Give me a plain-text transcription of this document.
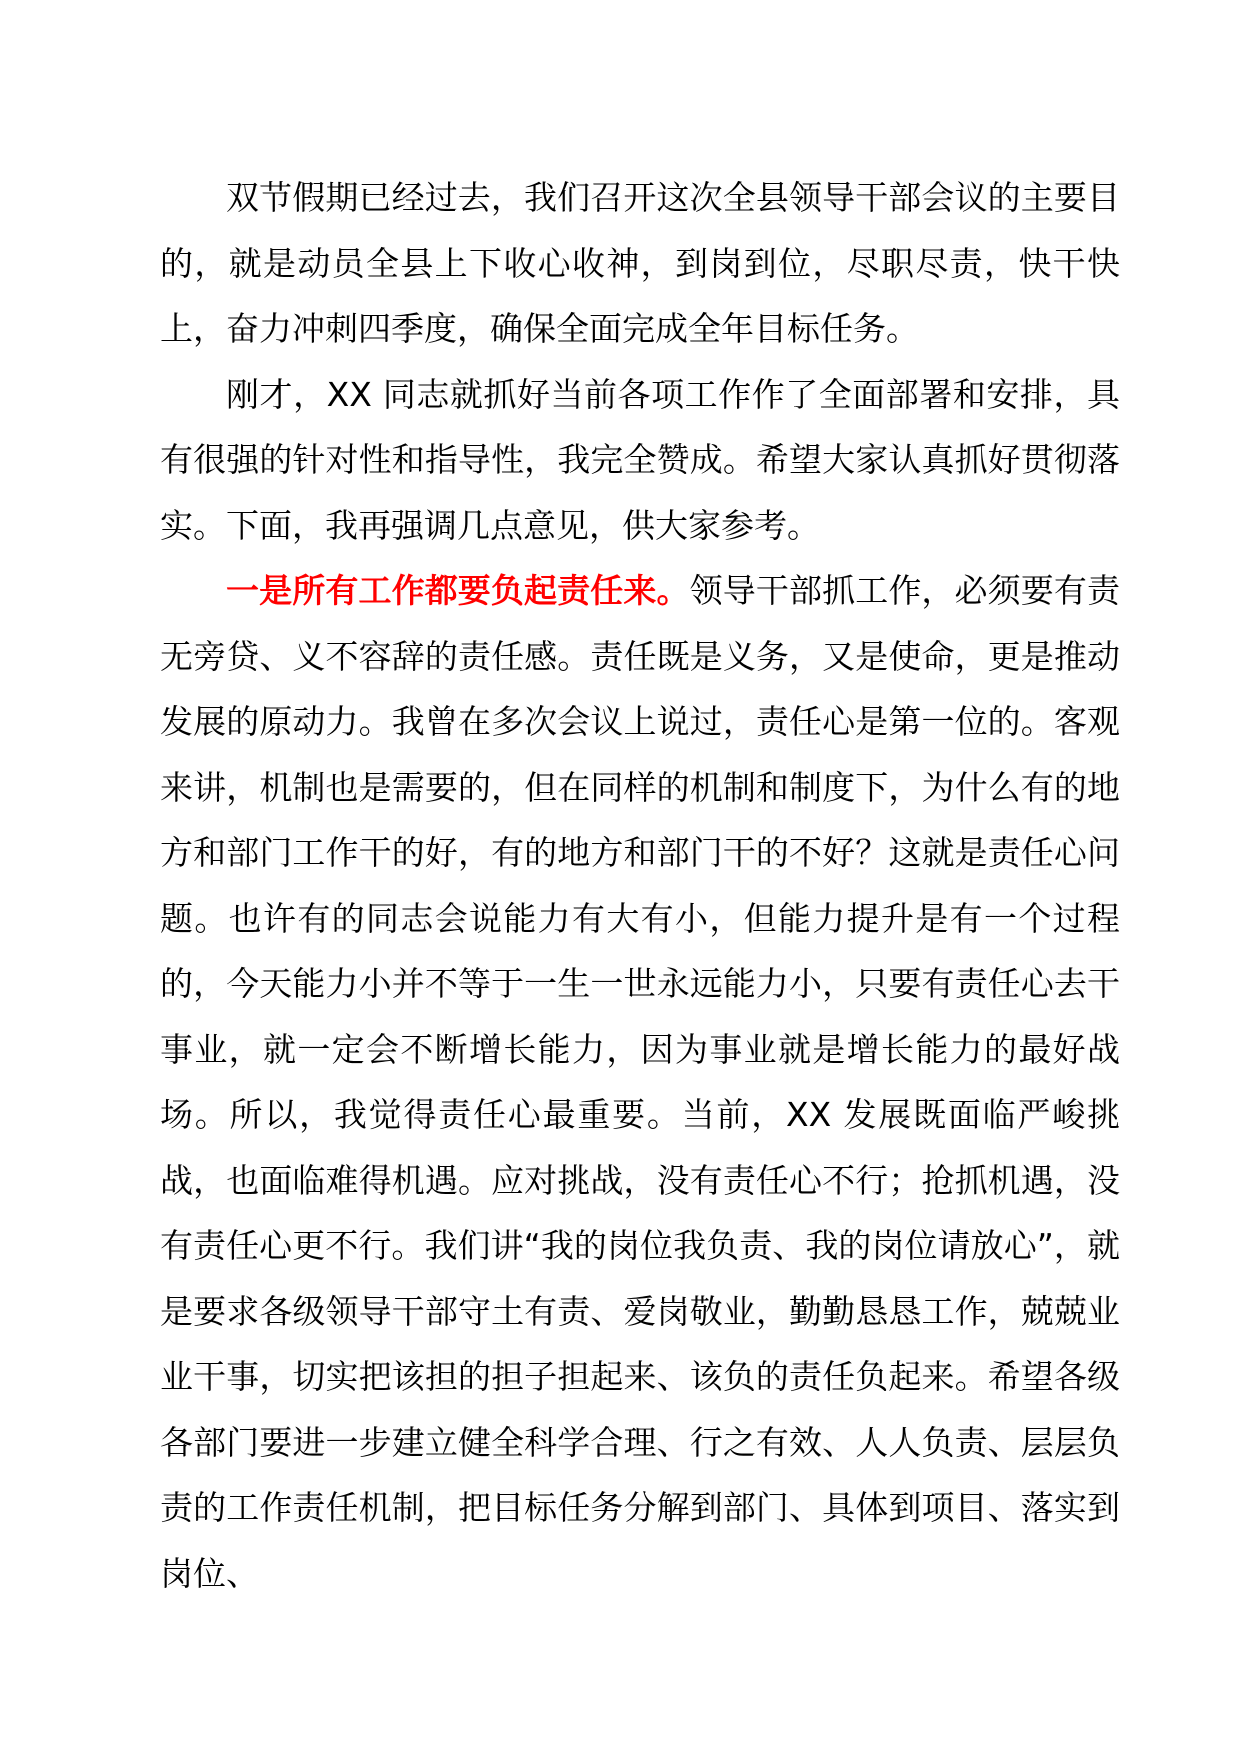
双节假期已经过去，我们召开这次全县领导干部会议的主要目的，就是动员全县上下收心收神，到岗到位，尽职尽责，快干快上，奋力冲刺四季度，确保全面完成全年目标任务。

刚才，XX 同志就抓好当前各项工作作了全面部署和安排，具有很强的针对性和指导性，我完全赞成。希望大家认真抓好贯彻落实。下面，我再强调几点意见，供大家参考。

一是所有工作都要负起责任来。领导干部抓工作，必须要有责无旁贷、义不容辞的责任感。责任既是义务，又是使命，更是推动发展的原动力。我曾在多次会议上说过，责任心是第一位的。客观来讲，机制也是需要的，但在同样的机制和制度下，为什么有的地方和部门工作干的好，有的地方和部门干的不好？这就是责任心问题。也许有的同志会说能力有大有小，但能力提升是有一个过程的，今天能力小并不等于一生一世永远能力小，只要有责任心去干事业，就一定会不断增长能力，因为事业就是增长能力的最好战场。所以，我觉得责任心最重要。当前，XX 发展既面临严峻挑战，也面临难得机遇。应对挑战，没有责任心不行；抢抓机遇，没有责任心更不行。我们讲“我的岗位我负责、我的岗位请放心”，就是要求各级领导干部守土有责、爱岗敬业，勤勤恳恳工作，兢兢业业干事，切实把该担的担子担起来、该负的责任负起来。希望各级各部门要进一步建立健全科学合理、行之有效、人人负责、层层负责的工作责任机制，把目标任务分解到部门、具体到项目、落实到岗位、
